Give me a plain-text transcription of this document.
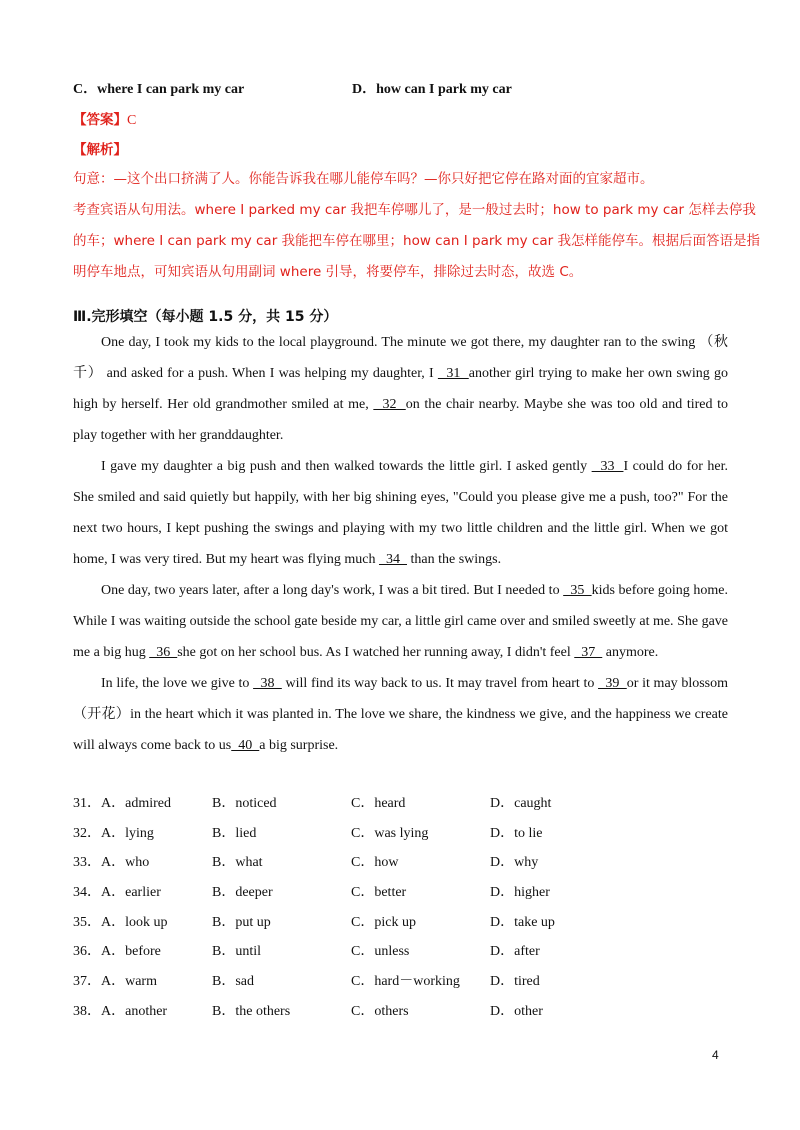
C．where I can park my car	D．how can I park my car
【答案】C
【解析】
句意：—这个出口挤满了人。你能告诉我在哪儿能停车吗？—你只好把它停在路对面的宜家超市。
考查宾语从句用法。where I parked my car 我把车停哪儿了，是一般过去时；how to park my car 怎样去停我
的车；where I can park my car 我能把车停在哪里；how can I park my car 我怎样能停车。根据后面答语是指
明停车地点，可知宾语从句用副词 where 引导，将要停车，排除过去时态，故选 C。
Ⅲ.完形填空（每小题 1.5 分，共 15 分）

One day, I took my kids to the local playground. The minute we got there, my daughter ran to the swing （秋千） and asked for a push. When I was helping my daughter, I   31  another girl trying to make her own swing go high by herself. Her old grandmother smiled at me,   32  on the chair nearby. Maybe she was too old and tired to play together with her granddaughter.

I gave my daughter a big push and then walked towards the little girl. I asked gently   33  I could do for her. She smiled and said quietly but happily, with her big shining eyes, "Could you please give me a push, too?" For the next two hours, I kept pushing the swings and playing with my two little children and the little girl. When we got home, I was very tired. But my heart was flying much   34   than the swings.

One day, two years later, after a long day's work, I was a bit tired. But I needed to   35  kids before going home. While I was waiting outside the school gate beside my car, a little girl came over and smiled sweetly at me. She gave me a big hug   36  she got on her school bus. As I watched her running away, I didn't feel   37   anymore.

In life, the love we give to   38   will find its way back to us. It may travel from heart to   39  or it may blossom（开花）in the heart which it was planted in. The love we share, the kindness we give, and the happiness we create will always come back to us  40  a big surprise.

31．A．admired	B．noticed	C．heard	D．caught
32．A．lying	B．lied	C．was lying	D．to lie
33．A．who	B．what	C．how	D．why
34．A．earlier	B．deeper	C．better	D．higher
35．A．look up	B．put up	C．pick up	D．take up
36．A．before	B．until	C．unless	D．after
37．A．warm	B．sad	C．hard－working D．tired
38．A．another	B．the others	C．others	D．other
4
